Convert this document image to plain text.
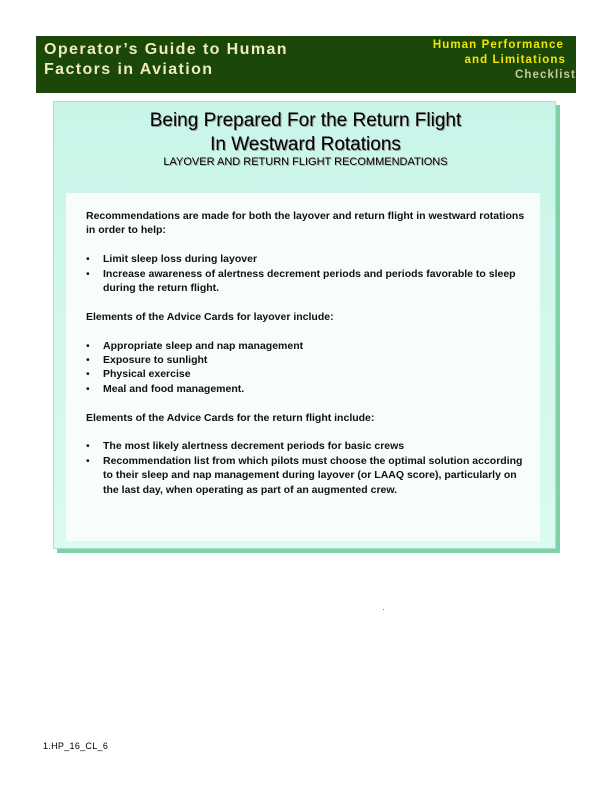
Operator’s Guide to Human
Factors in Aviation
Human Performance
and Limitations
Checklist
Being Prepared For the Return Flight
In Westward Rotations
LAYOVER AND RETURN FLIGHT RECOMMENDATIONS

Recommendations are made for both the layover and return flight in westward rotations in order to help:

• Limit sleep loss during layover
• Increase awareness of alertness decrement periods and periods favorable to sleep during the return flight.

Elements of the Advice Cards for layover include:

• Appropriate sleep and nap management
• Exposure to sunlight
• Physical exercise
• Meal and food management.

Elements of the Advice Cards for the return flight include:

• The most likely alertness decrement periods for basic crews
• Recommendation list from which pilots must choose the optimal solution according to their sleep and nap management during layover (or LAAQ score), particularly on the last day, when operating as part of an augmented crew.
1.HP_16_CL_6
